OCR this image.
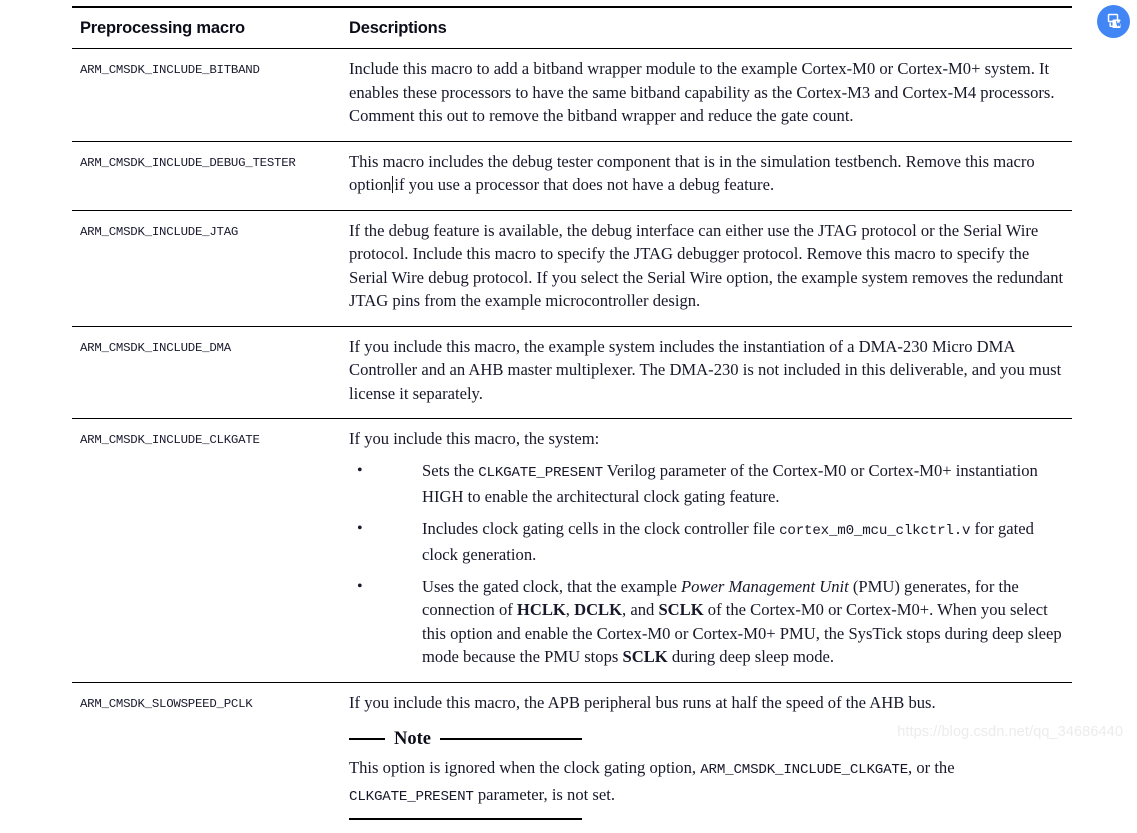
Preprocessing macro	Descriptions

ARM_CMSDK_INCLUDE_BITBAND	Include this macro to add a bitband wrapper module to the example Cortex-M0 or Cortex-M0+ system. It enables these processors to have the same bitband capability as the Cortex-M3 and Cortex-M4 processors. Comment this out to remove the bitband wrapper and reduce the gate count.

ARM_CMSDK_INCLUDE_DEBUG_TESTER	This macro includes the debug tester component that is in the simulation testbench. Remove this macro option if you use a processor that does not have a debug feature.

ARM_CMSDK_INCLUDE_JTAG	If the debug feature is available, the debug interface can either use the JTAG protocol or the Serial Wire protocol. Include this macro to specify the JTAG debugger protocol. Remove this macro to specify the Serial Wire debug protocol. If you select the Serial Wire option, the example system removes the redundant JTAG pins from the example microcontroller design.

ARM_CMSDK_INCLUDE_DMA	If you include this macro, the example system includes the instantiation of a DMA-230 Micro DMA Controller and an AHB master multiplexer. The DMA-230 is not included in this deliverable, and you must license it separately.

ARM_CMSDK_INCLUDE_CLKGATE	If you include this macro, the system:

•	Sets the CLKGATE_PRESENT Verilog parameter of the Cortex-M0 or Cortex-M0+ instantiation HIGH to enable the architectural clock gating feature.
•	Includes clock gating cells in the clock controller file cortex_m0_mcu_clkctrl.v for gated clock generation.
•	Uses the gated clock, that the example Power Management Unit (PMU) generates, for the connection of HCLK, DCLK, and SCLK of the Cortex-M0 or Cortex-M0+. When you select this option and enable the Cortex-M0 or Cortex-M0+ PMU, the SysTick stops during deep sleep mode because the PMU stops SCLK during deep sleep mode.

ARM_CMSDK_SLOWSPEED_PCLK	If you include this macro, the APB peripheral bus runs at half the speed of the AHB bus.

Note
This option is ignored when the clock gating option, ARM_CMSDK_INCLUDE_CLKGATE, or the CLKGATE_PRESENT parameter, is not set.
https://blog.csdn.net/qq_34686440
